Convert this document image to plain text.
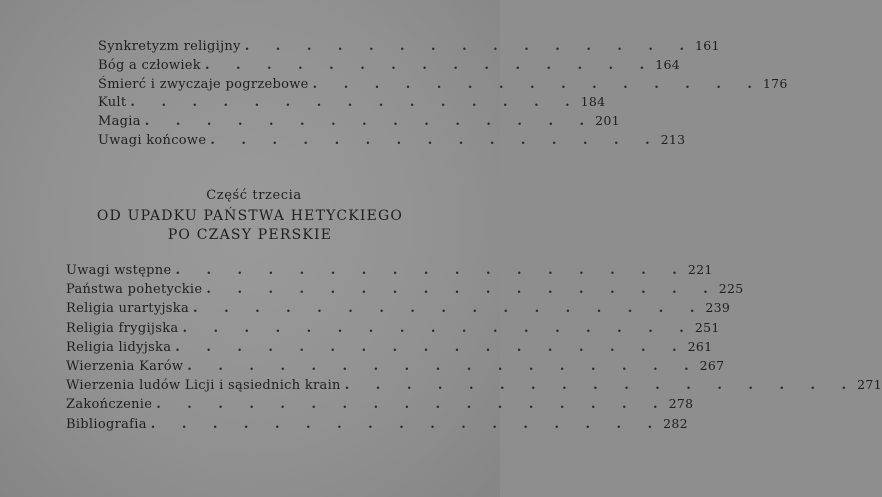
Synkretyzm religijny . . . . . . . . . . . . . . . 161
Bóg a człowiek . . . . . . . . . . . . . . . 164
Śmierć i zwyczaje pogrzebowe . . . . . . . . . . . . . . . 176
Kult . . . . . . . . . . . . . . . 184
Magia . . . . . . . . . . . . . . . 201
Uwagi końcowe . . . . . . . . . . . . . . . 213
Część trzecia
OD UPADKU PAŃSTWA HETYCKIEGO
PO CZASY PERSKIE
Uwagi wstępne . . . . . . . . . . . . . . . . . 221
Państwa pohetyckie . . . . . . . . . . . . . . . . . 225
Religia urartyjska . . . . . . . . . . . . . . . . . 239
Religia frygijska . . . . . . . . . . . . . . . . . 251
Religia lidyjska . . . . . . . . . . . . . . . . . 261
Wierzenia Karów . . . . . . . . . . . . . . . . . 267
Wierzenia ludów Licji i sąsiednich krain . . . . . . . . . . . . . . . . . 271
Zakończenie . . . . . . . . . . . . . . . . . 278
Bibliografia . . . . . . . . . . . . . . . . . 282
